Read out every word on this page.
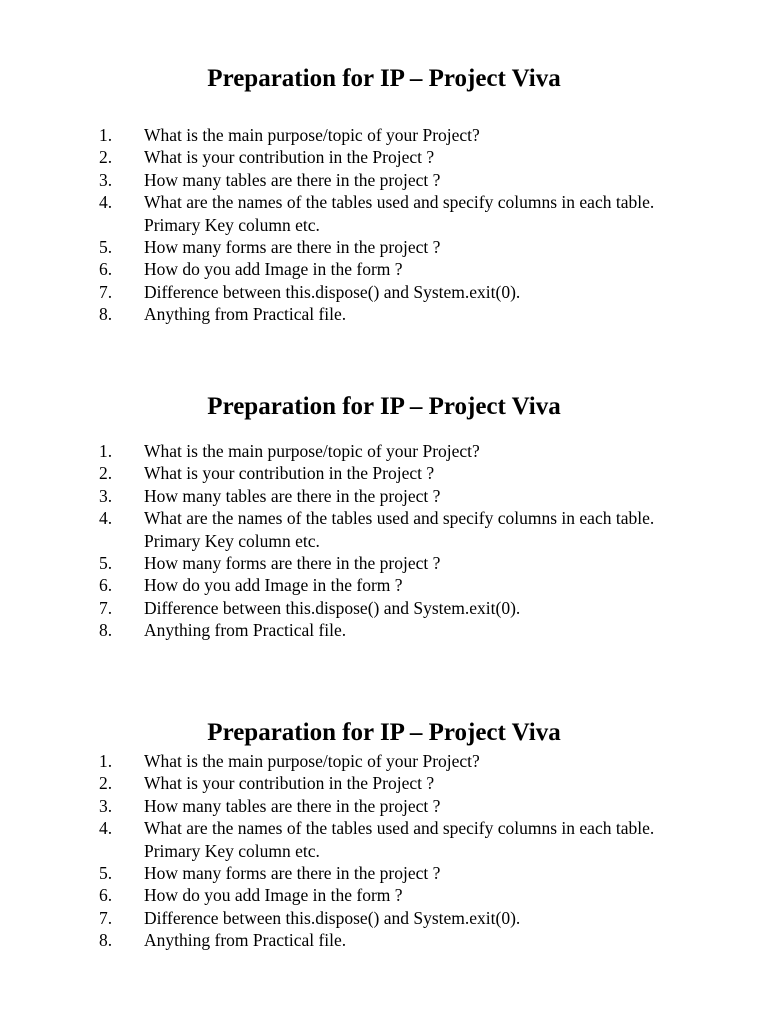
Preparation for IP – Project Viva
1. What is the main purpose/topic of your Project?
2. What is your contribution in the Project ?
3. How many tables are there in the project ?
4. What are the names of the tables used and specify columns in each table. Primary Key column etc.
5. How many forms are there in the project ?
6. How do you add Image in the form ?
7. Difference between this.dispose() and System.exit(0).
8. Anything from Practical file.
Preparation for IP – Project Viva
1. What is the main purpose/topic of your Project?
2. What is your contribution in the Project ?
3. How many tables are there in the project ?
4. What are the names of the tables used and specify columns in each table. Primary Key column etc.
5. How many forms are there in the project ?
6. How do you add Image in the form ?
7. Difference between this.dispose() and System.exit(0).
8. Anything from Practical file.
Preparation for IP – Project Viva
1. What is the main purpose/topic of your Project?
2. What is your contribution in the Project ?
3. How many tables are there in the project ?
4. What are the names of the tables used and specify columns in each table. Primary Key column etc.
5. How many forms are there in the project ?
6. How do you add Image in the form ?
7. Difference between this.dispose() and System.exit(0).
8. Anything from Practical file.
